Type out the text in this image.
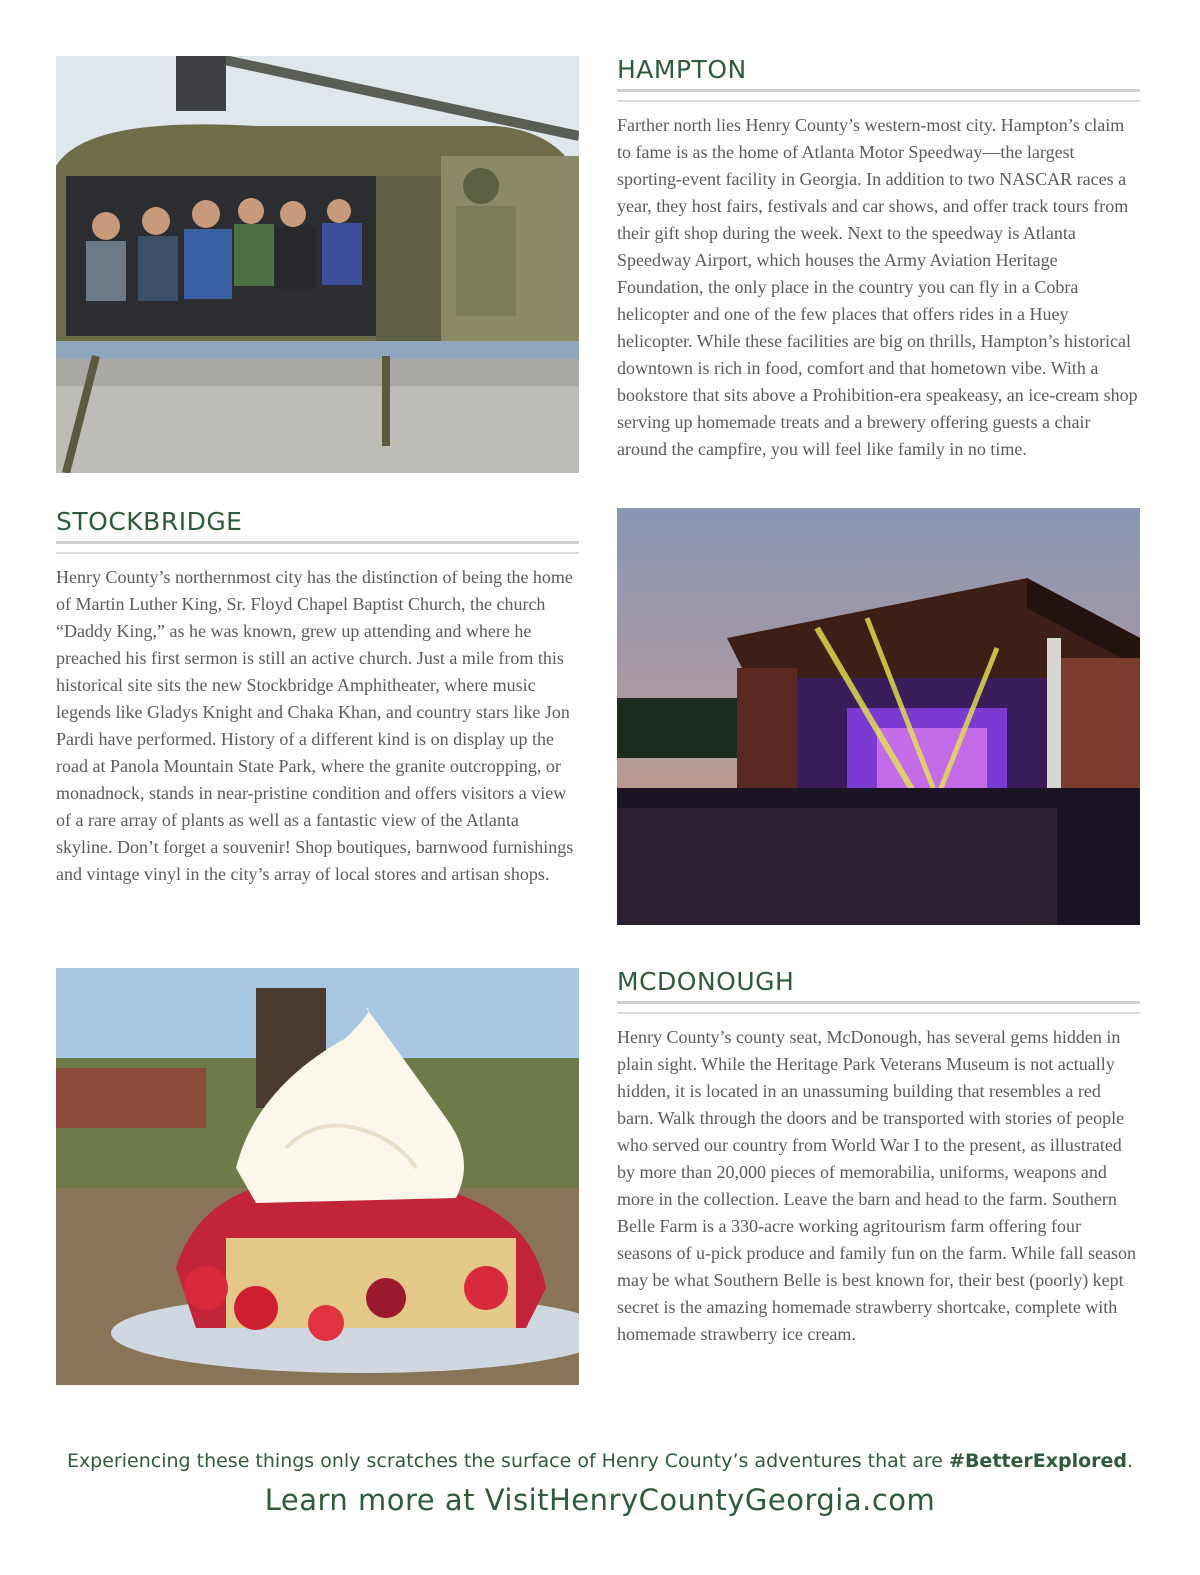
HAMPTON

Farther north lies Henry County’s western-most city. Hampton’s claim to fame is as the home of Atlanta Motor Speedway—the largest sporting-event facility in Georgia. In addition to two NASCAR races a year, they host fairs, festivals and car shows, and offer track tours from their gift shop during the week. Next to the speedway is Atlanta Speedway Airport, which houses the Army Aviation Heritage Foundation, the only place in the country you can fly in a Cobra helicopter and one of the few places that offers rides in a Huey helicopter. While these facilities are big on thrills, Hampton’s historical downtown is rich in food, comfort and that hometown vibe. With a bookstore that sits above a Prohibition-era speakeasy, an ice-cream shop serving up homemade treats and a brewery offering guests a chair around the campfire, you will feel like family in no time.

STOCKBRIDGE

Henry County’s northernmost city has the distinction of being the home of Martin Luther King, Sr. Floyd Chapel Baptist Church, the church “Daddy King,” as he was known, grew up attending and where he preached his first sermon is still an active church. Just a mile from this historical site sits the new Stockbridge Amphitheater, where music legends like Gladys Knight and Chaka Khan, and country stars like Jon Pardi have performed. History of a different kind is on display up the road at Panola Mountain State Park, where the granite outcropping, or monadnock, stands in near-pristine condition and offers visitors a view of a rare array of plants as well as a fantastic view of the Atlanta skyline. Don’t forget a souvenir! Shop boutiques, barnwood furnishings and vintage vinyl in the city’s array of local stores and artisan shops.

MCDONOUGH

Henry County’s county seat, McDonough, has several gems hidden in plain sight. While the Heritage Park Veterans Museum is not actually hidden, it is located in an unassuming building that resembles a red barn. Walk through the doors and be transported with stories of people who served our country from World War I to the present, as illustrated by more than 20,000 pieces of memorabilia, uniforms, weapons and more in the collection. Leave the barn and head to the farm. Southern Belle Farm is a 330-acre working agritourism farm offering four seasons of u-pick produce and family fun on the farm. While fall season may be what Southern Belle is best known for, their best (poorly) kept secret is the amazing homemade strawberry shortcake, complete with homemade strawberry ice cream.

Experiencing these things only scratches the surface of Henry County’s adventures that are #BetterExplored.
Learn more at VisitHenryCountyGeorgia.com
